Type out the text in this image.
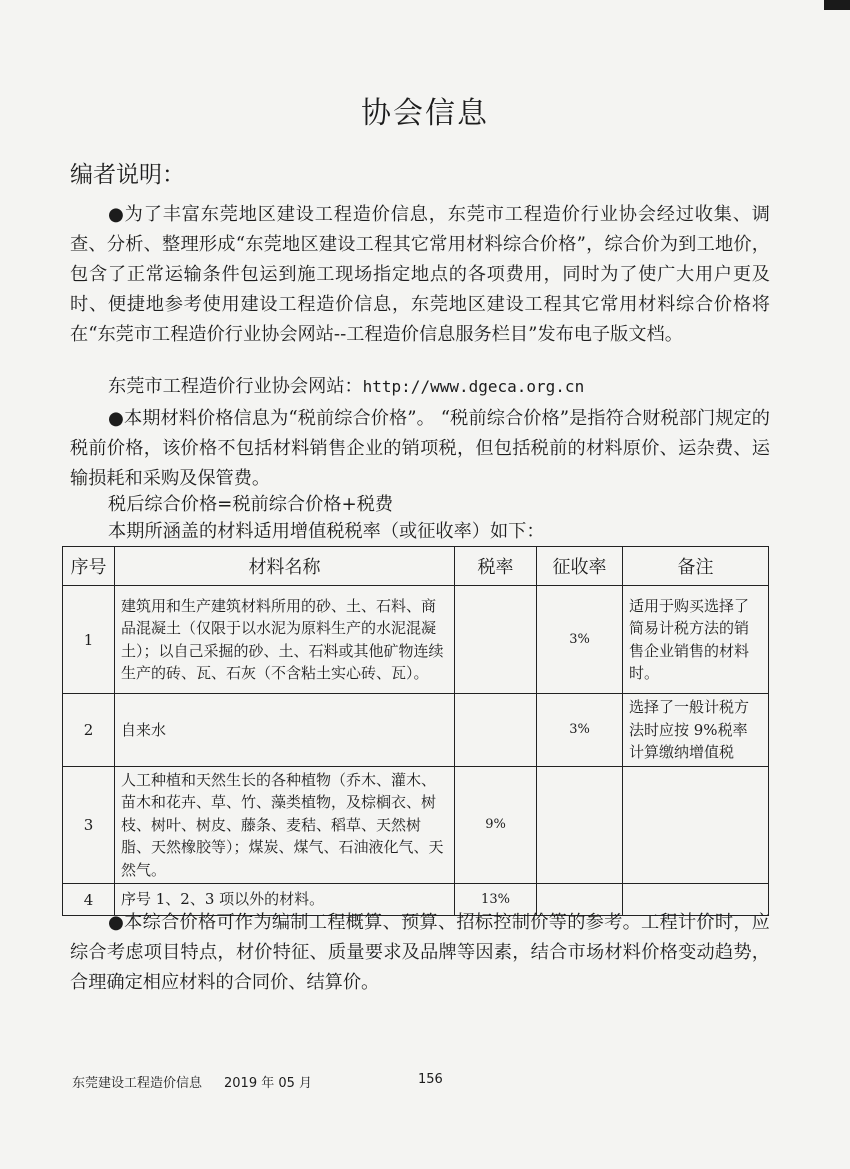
协会信息
编者说明：

●为了丰富东莞地区建设工程造价信息，东莞市工程造价行业协会经过收集、调查、分析、整理形成“东莞地区建设工程其它常用材料综合价格”，综合价为到工地价，包含了正常运输条件包运到施工现场指定地点的各项费用，同时为了使广大用户更及时、便捷地参考使用建设工程造价信息，东莞地区建设工程其它常用材料综合价格将在“东莞市工程造价行业协会网站--工程造价信息服务栏目”发布电子版文档。

东莞市工程造价行业协会网站：http://www.dgeca.org.cn

●本期材料价格信息为“税前综合价格”。 “税前综合价格”是指符合财税部门规定的税前价格，该价格不包括材料销售企业的销项税，但包括税前的材料原价、运杂费、运输损耗和采购及保管费。

税后综合价格=税前综合价格+税费
本期所涵盖的材料适用增值税税率（或征收率）如下：
序号	材料名称	税率	征收率	备注
1	建筑用和生产建筑材料所用的砂、土、石料、商品混凝土（仅限于以水泥为原料生产的水泥混凝土）；以自己采掘的砂、土、石料或其他矿物连续生产的砖、瓦、石灰（不含粘土实心砖、瓦）。		3%	适用于购买选择了简易计税方法的销售企业销售的材料时。
2	自来水		3%	选择了一般计税方法时应按 9%税率计算缴纳增值税
3	人工种植和天然生长的各种植物（乔木、灌木、苗木和花卉、草、竹、藻类植物，及棕榈衣、树枝、树叶、树皮、藤条、麦秸、稻草、天然树脂、天然橡胶等）；煤炭、煤气、石油液化气、天然气。	9%		
4	序号 1、2、3 项以外的材料。	13%		

●本综合价格可作为编制工程概算、预算、招标控制价等的参考。工程计价时，应综合考虑项目特点，材价特征、质量要求及品牌等因素，结合市场材料价格变动趋势，合理确定相应材料的合同价、结算价。

东莞建设工程造价信息 2019 年 05 月	156
